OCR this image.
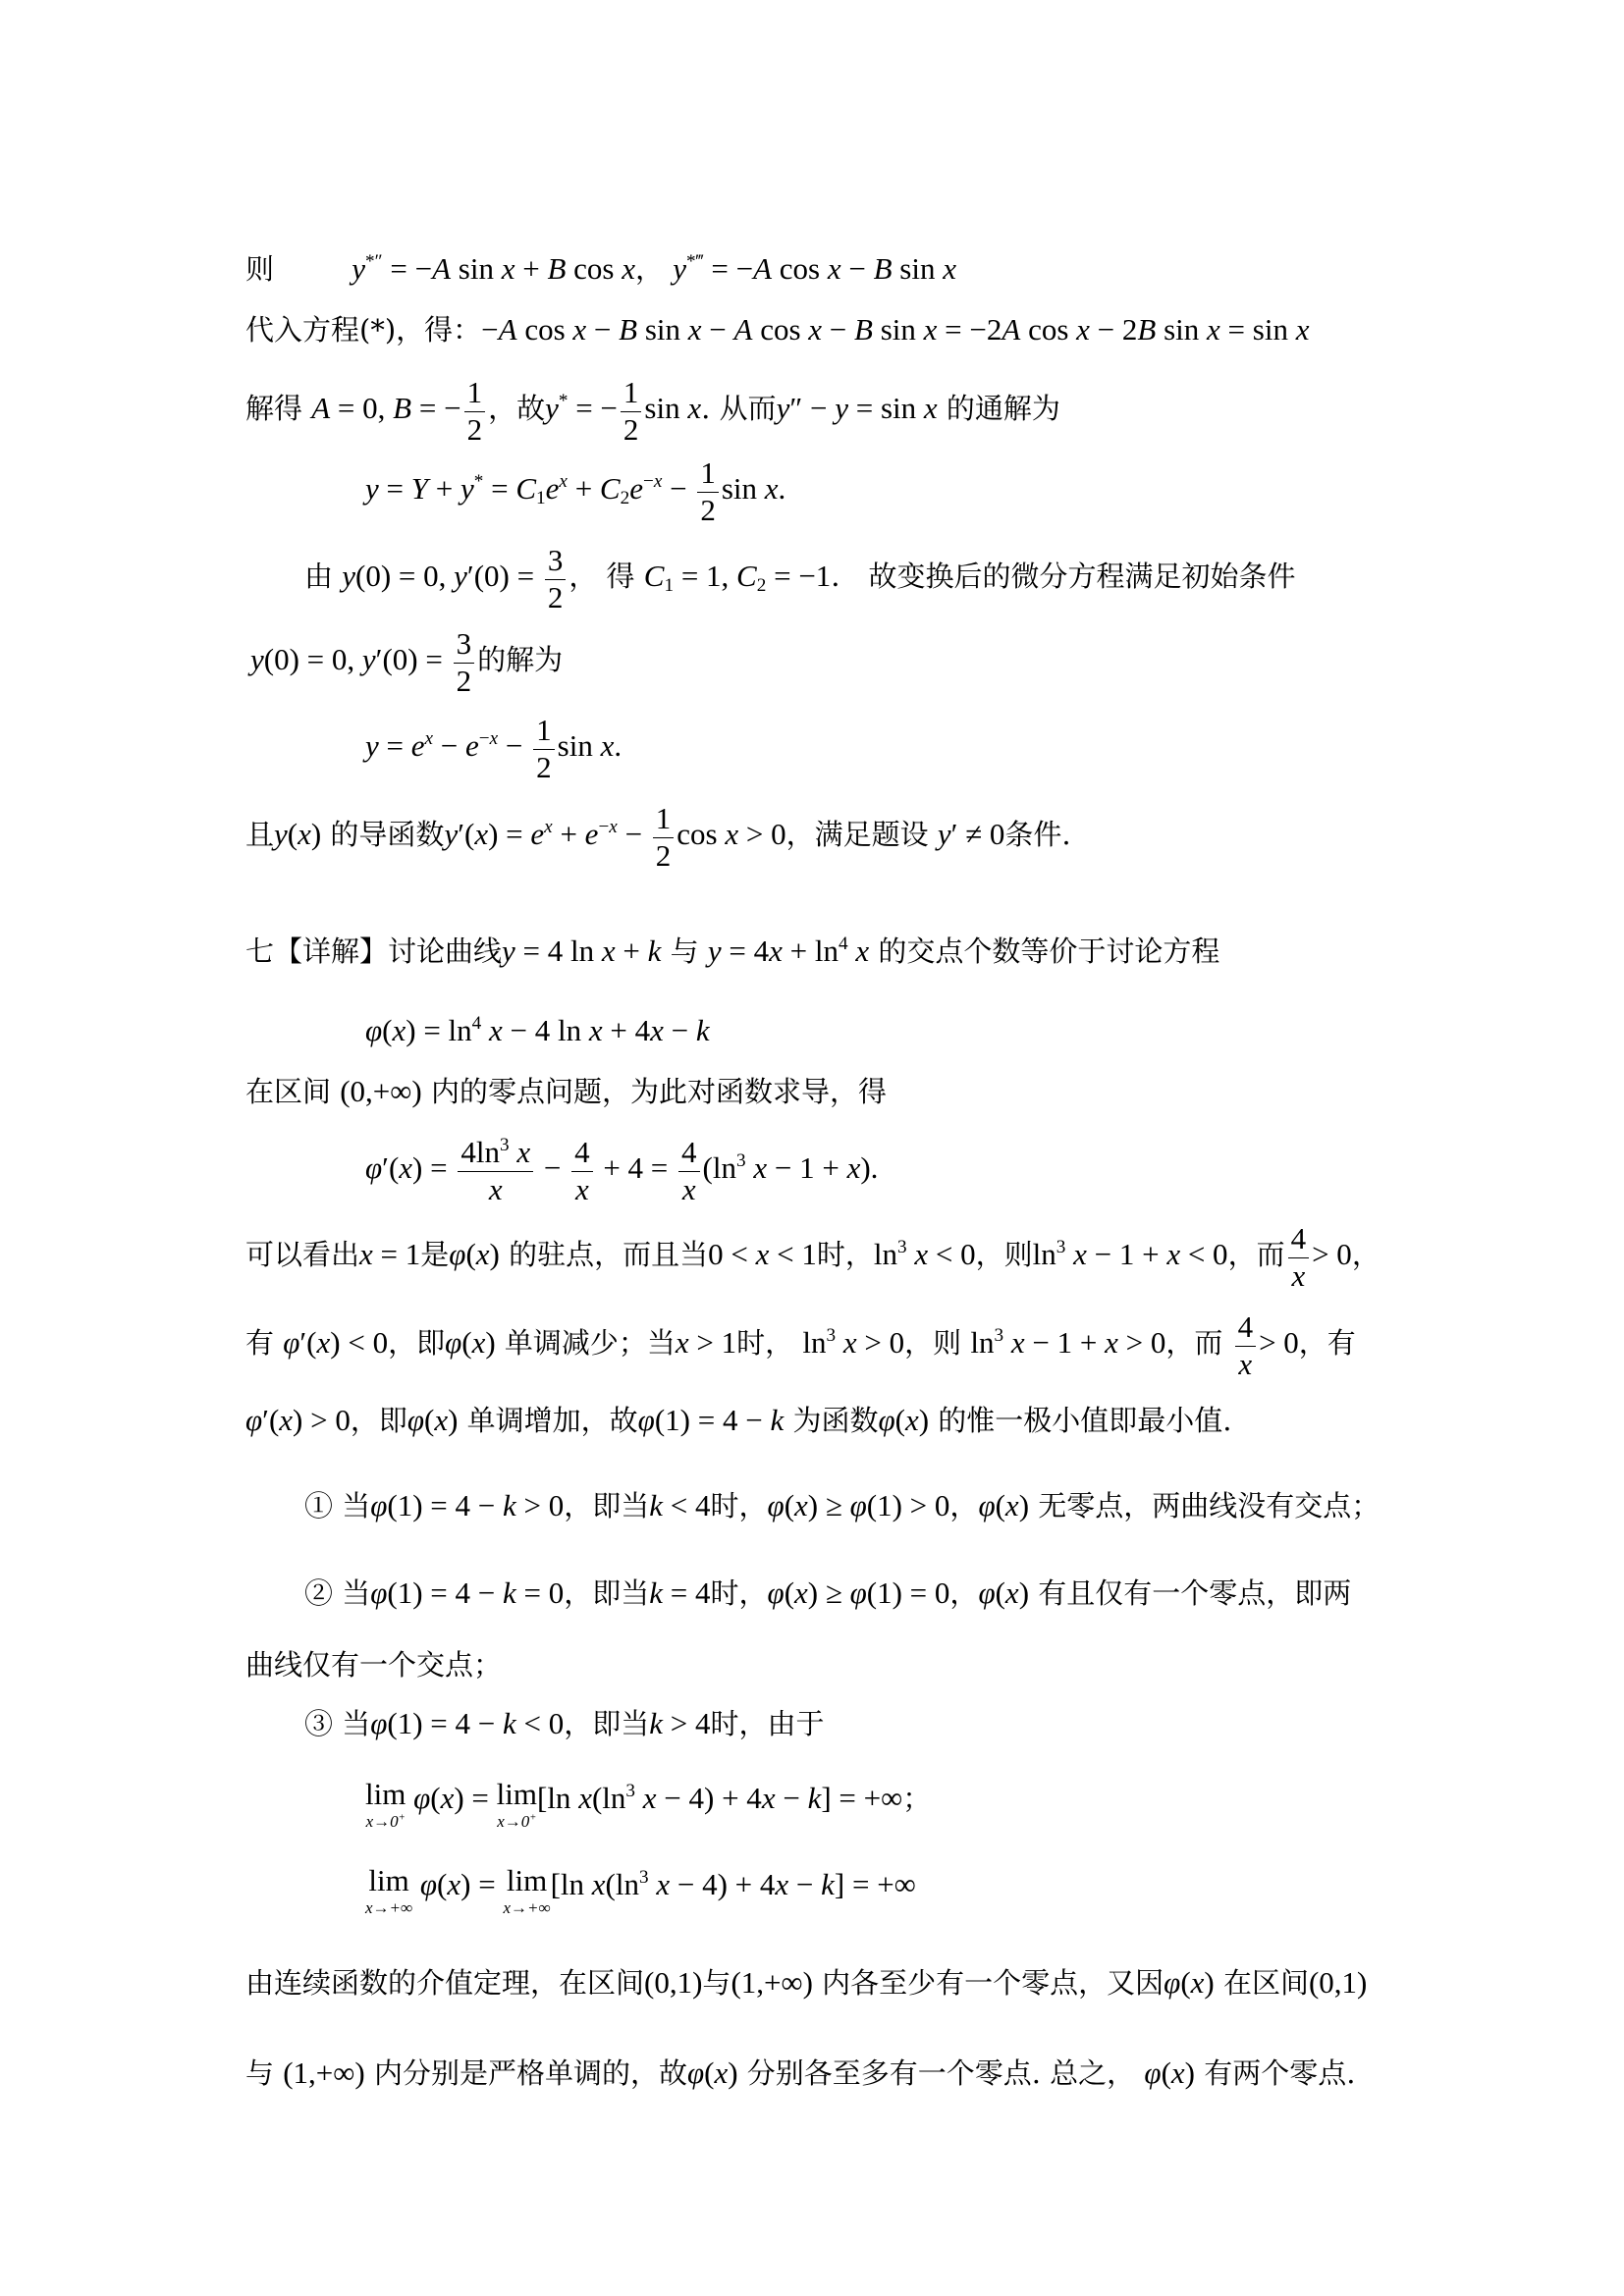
则	y*″ = −A sin x + B cos x， y*‴ = −A cos x − B sin x
代入方程(*)，得：−A cos x − B sin x − A cos x − B sin x = −2A cos x − 2B sin x = sin x
解得 A = 0, B = − $\frac{1}{2}$ ，故y* = − $\frac{1}{2}$ sin x. 从而y″ − y = sin x 的通解为
$y = Y + y^* = C_1e^x + C_2e^{-x} - \frac{1}{2}$ sin x.
由 y(0) = 0, $y'(0) = \frac{3}{2}$ ， 得 $C_1 = 1$, $C_2 = -1$． 故变换后的微分方程满足初始条件
y(0) = 0, $y'(0) = \frac{3}{2}$ 的解为
$y = e^x - e^{-x} - \frac{1}{2}$ sin x.
且y(x) 的导函数$y'(x) = e^x + e^{-x} - \frac{1}{2}$ cos x > 0，满足题设 y′ ≠ 0条件.
七【详解】讨论曲线y = 4 ln x + k 与 $y = 4x + \ln^4 x$ 的交点个数等价于讨论方程
$\varphi(x) = \ln^4 x - 4$ ln x + 4x − k
在区间 (0,+∞) 内的零点问题，为此对函数求导，得
$\varphi'(x) = \frac{4\ln^3 x}{x} - \frac{4}{x} + 4 = \frac{4}{x} (\ln^3$ x − 1 + x).
可以看出x = 1是φ(x) 的驻点，而且当0 < x < 1时，$\ln^3 x < 0$，则$\ln^3 x - 1 + x < 0$，而 $\frac{4}{x} > 0$，
有 φ′(x) < 0，即φ(x) 单调减少；当x > 1时， $\ln^3 x > 0$，则 $\ln^3 x - 1 + x > 0$，而 $\frac{4}{x} > 0$，有
φ′(x) > 0，即φ(x) 单调增加，故φ(1) = 4 − k 为函数φ(x) 的惟一极小值即最小值.
① 当φ(1) = 4 − k > 0，即当k < 4时，φ(x) ≥ φ(1) > 0，φ(x) 无零点，两曲线没有交点；
② 当φ(1) = 4 − k = 0，即当k = 4时，φ(x) ≥ φ(1) = 0，φ(x) 有且仅有一个零点，即两
曲线仅有一个交点；
③ 当φ(1) = 4 − k < 0，即当k > 4时，由于
lim
x→0+
φ(x) = lim
x→0+
[ln $x(\ln^3$ x − 4) + 4x − k] = +∞；
lim
x→+∞
φ(x) = lim
x→+∞
[ln $x(\ln^3$ x − 4) + 4x − k] = +∞
由连续函数的介值定理，在区间(0,1)与(1,+∞) 内各至少有一个零点，又因φ(x) 在区间(0,1)
与 (1,+∞) 内分别是严格单调的，故φ(x) 分别各至多有一个零点. 总之， φ(x) 有两个零点.
